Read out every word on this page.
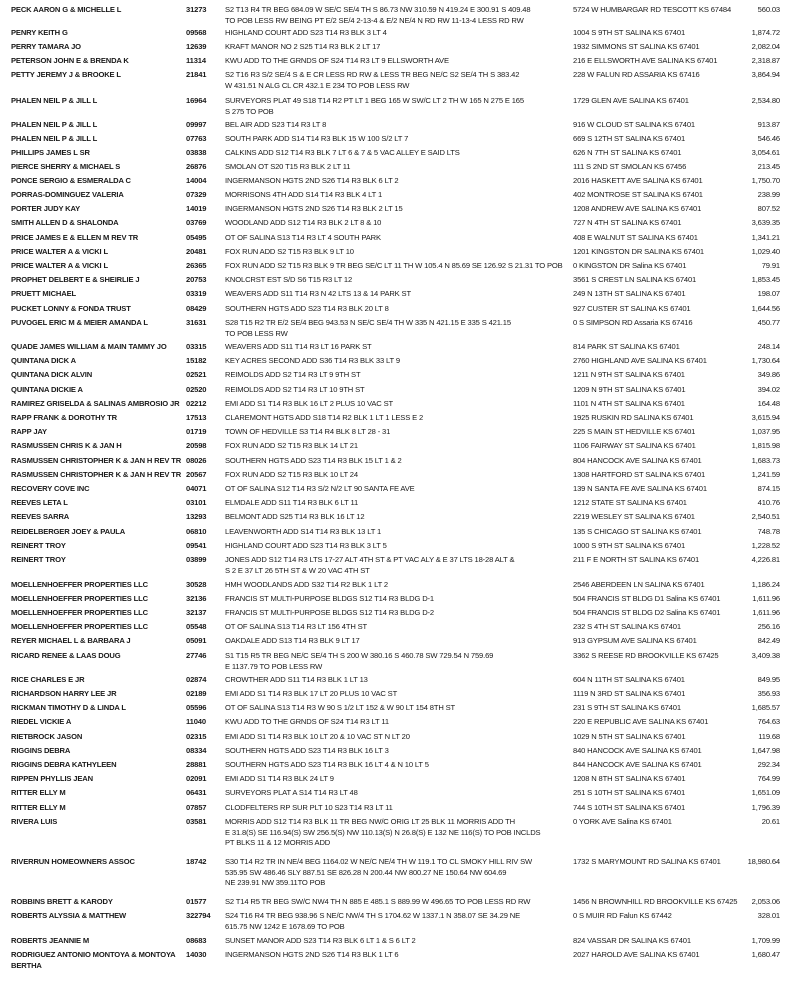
PECK AARON G & MICHELLE L	31273	S2 T13 R4 TR BEG 684.09 W SE/C SE/4 TH S 86.73 NW 310.59 N 419.24 E 300.91 S 409.48
TO POB LESS RW BEING PT E/2 SE/4 2-13-4 & E/2 NE/4 N RD RW 11-13-4 LESS RD RW
5724 W HUMBARGAR RD TESCOTT KS 67484	560.03
PENRY KEITH G	09568	HIGHLAND COURT ADD S23 T14 R3 BLK 3 LT 4	1004 S 9TH ST SALINA KS 67401	1,874.72
PERRY TAMARA JO	12639	KRAFT MANOR NO 2 S25 T14 R3 BLK 2 LT 17	1932 SIMMONS ST SALINA KS 67401	2,082.04
PETERSON JOHN E & BRENDA K	11314	KWU ADD TO THE GRNDS OF S24 T14 R3 LT 9 ELLSWORTH AVE	216 E ELLSWORTH AVE SALINA KS 67401	2,318.87
PETTY JEREMY J & BROOKE L	21841	S2 T16 R3 S/2 SE/4 S & E CR LESS RD RW & LESS TR BEG NE/C S2 SE/4 TH S 383.42
W 431.51 N ALG CL CR 432.1 E 234 TO POB LESS RW
228 W FALUN RD ASSARIA KS 67416	3,864.94
PHALEN NEIL P & JILL L	16964	SURVEYORS PLAT 49 S18 T14 R2 PT LT 1 BEG 165 W SW/C LT 2 TH W 165 N 275 E 165
S 275 TO POB
1729 GLEN AVE SALINA KS 67401	2,534.80
PHALEN NEIL P & JILL L	09997	BEL AIR ADD S23 T14 R3 LT 8	916 W CLOUD ST SALINA KS 67401	913.87
PHALEN NEIL P & JILL L	07763	SOUTH PARK ADD S14 T14 R3 BLK 15 W 100 S/2 LT 7	669 S 12TH ST SALINA KS 67401	546.46
PHILLIPS JAMES L SR	03838	CALKINS ADD S12 T14 R3 BLK 7 LT 6 & 7 & 5 VAC ALLEY E SAID LTS	626 N 7TH ST SALINA KS 67401	3,054.61
PIERCE SHERRY & MICHAEL S	26876	SMOLAN OT S20 T15 R3 BLK 2 LT 11	111 S 2ND ST SMOLAN KS 67456	213.45
PONCE SERGIO & ESMERALDA C	14004	INGERMANSON HGTS 2ND S26 T14 R3 BLK 6 LT 2	2016 HASKETT AVE SALINA KS 67401	1,750.70
PORRAS-DOMINGUEZ VALERIA	07329	MORRISONS 4TH ADD S14 T14 R3 BLK 4 LT 1	402 MONTROSE ST SALINA KS 67401	238.99
PORTER JUDY KAY	14019	INGERMANSON HGTS 2ND S26 T14 R3 BLK 2 LT 15	1208 ANDREW AVE SALINA KS 67401	807.52
SMITH ALLEN D & SHALONDA	03769	WOODLAND ADD S12 T14 R3 BLK 2 LT 8 & 10	727 N 4TH ST SALINA KS 67401	3,639.35
PRICE JAMES E & ELLEN M REV TR	05495	OT OF SALINA S13 T14 R3 LT 4 SOUTH PARK	408 E WALNUT ST SALINA KS 67401	1,341.21
PRICE WALTER A & VICKI L	20481	FOX RUN ADD S2 T15 R3 BLK 9 LT 10	1201 KINGSTON DR SALINA KS 67401	1,029.40
PRICE WALTER A & VICKI L	26365	FOX RUN ADD S2 T15 R3 BLK 9 TR BEG SE/C LT 11 TH W 105.4 N 85.69 SE 126.92 S 21.31 TO POB 0 KINGSTON DR Salina KS 67401	79.91
PROPHET DELBERT E & SHEIRLIE J	20753	KNOLCRST EST S/D S6 T15 R3 LT 12	3561 S CREST LN SALINA KS 67401	1,853.45
PRUETT MICHAEL	03319	WEAVERS ADD S11 T14 R3 N 42 LTS 13 & 14 PARK ST	249 N 13TH ST SALINA KS 67401	198.07
PUCKET LONNY & FONDA TRUST	08429	SOUTHERN HGTS ADD S23 T14 R3 BLK 20 LT 8	927 CUSTER ST SALINA KS 67401	1,644.56
PUVOGEL ERIC M & MEIER AMANDA L	31631	S28 T15 R2 TR E/2 SE/4 BEG 943.53 N SE/C SE/4 TH W 335 N 421.15 E 335 S 421.15
TO POB LESS RW
0 S SIMPSON RD Assaria KS 67416	450.77
QUADE JAMES WILLIAM & MAIN TAMMY JO	03315	WEAVERS ADD S11 T14 R3 LT 16 PARK ST	814 PARK ST SALINA KS 67401	248.14
QUINTANA DICK A	15182	KEY ACRES SECOND ADD S36 T14 R3 BLK 33 LT 9	2760 HIGHLAND AVE SALINA KS 67401	1,730.64
QUINTANA DICK ALVIN	02521	REIMOLDS ADD S2 T14 R3 LT 9 9TH ST	1211 N 9TH ST SALINA KS 67401	349.86
QUINTANA DICKIE A	02520	REIMOLDS ADD S2 T14 R3 LT 10 9TH ST	1209 N 9TH ST SALINA KS 67401	394.02
RAMIREZ GRISELDA & SALINAS AMBROSIO JR 02212	EMI ADD S1 T14 R3 BLK 16 LT 2 PLUS 10 VAC ST	1101 N 4TH ST SALINA KS 67401	164.48
RAPP FRANK & DOROTHY TR	17513	CLAREMONT HGTS ADD S18 T14 R2 BLK 1 LT 1 LESS E 2	1925 RUSKIN RD SALINA KS 67401	3,615.94
RAPP JAY	01719	TOWN OF HEDVILLE S3 T14 R4 BLK 8 LT 28 - 31	225 S MAIN ST HEDVILLE KS 67401	1,037.95
RASMUSSEN CHRIS K & JAN H	20598	FOX RUN ADD S2 T15 R3 BLK 14 LT 21	1106 FAIRWAY ST SALINA KS 67401	1,815.98
RASMUSSEN CHRISTOPHER K & JAN H REV TR 08026	SOUTHERN HGTS ADD S23 T14 R3 BLK 15 LT 1 & 2	804 HANCOCK AVE SALINA KS 67401	1,683.73
RASMUSSEN CHRISTOPHER K & JAN H REV TR 20567	FOX RUN ADD S2 T15 R3 BLK 10 LT 24	1308 HARTFORD ST SALINA KS 67401	1,241.59
RECOVERY COVE INC	04071	OT OF SALINA S12 T14 R3 S/2 N/2 LT 90 SANTA FE AVE	139 N SANTA FE AVE SALINA KS 67401	874.15
REEVES LETA L	03101	ELMDALE ADD S11 T14 R3 BLK 6 LT 11	1212 STATE ST SALINA KS 67401	410.76
REEVES SARRA	13293	BELMONT ADD S25 T14 R3 BLK 16 LT 12	2219 WESLEY ST SALINA KS 67401	2,540.51
REIDELBERGER JOEY & PAULA	06810	LEAVENWORTH ADD S14 T14 R3 BLK 13 LT 1	135 S CHICAGO ST SALINA KS 67401	748.78
REINERT TROY	09541	HIGHLAND COURT ADD S23 T14 R3 BLK 3 LT 5	1000 S 9TH ST SALINA KS 67401	1,228.52
REINERT TROY	03899	JONES ADD S12 T14 R3 LTS 17-27 ALT 4TH ST & PT VAC ALY & E 37 LTS 18-28 ALT &
S 2 E 37 LT 26 5TH ST & W 20 VAC 4TH ST
211 F E NORTH ST SALINA KS 67401	4,226.81
MOELLENHOEFFER PROPERTIES LLC	30528	HMH WOODLANDS ADD S32 T14 R2 BLK 1 LT 2	2546 ABERDEEN LN SALINA KS 67401	1,186.24
MOELLENHOEFFER PROPERTIES LLC	32136	FRANCIS ST MULTI-PURPOSE BLDGS S12 T14 R3 BLDG D-1	504 FRANCIS ST BLDG D1 Salina KS 67401	1,611.96
MOELLENHOEFFER PROPERTIES LLC	32137	FRANCIS ST MULTI-PURPOSE BLDGS S12 T14 R3 BLDG D-2	504 FRANCIS ST BLDG D2 Salina KS 67401	1,611.96
MOELLENHOEFFER PROPERTIES LLC	05548	OT OF SALINA S13 T14 R3 LT 156 4TH ST	232 S 4TH ST SALINA KS 67401	256.16
REYER MICHAEL L & BARBARA J	05091	OAKDALE ADD S13 T14 R3 BLK 9 LT 17	913 GYPSUM AVE SALINA KS 67401	842.49
RICARD RENEE & LAAS DOUG	27746	S1 T15 R5 TR BEG NE/C SE/4 TH S 200 W 380.16 S 460.78 SW 729.54 N 759.69
E 1137.79 TO POB LESS RW
3362 S REESE RD BROOKVILLE KS 67425	3,409.38
RICE CHARLES E JR	02874	CROWTHER ADD S11 T14 R3 BLK 1 LT 13	604 N 11TH ST SALINA KS 67401	849.95
RICHARDSON HARRY LEE JR	02189	EMI ADD S1 T14 R3 BLK 17 LT 20 PLUS 10 VAC ST	1119 N 3RD ST SALINA KS 67401	356.93
RICKMAN TIMOTHY D & LINDA L	05596	OT OF SALINA S13 T14 R3 W 90 S 1/2 LT 152 & W 90 LT 154 8TH ST	231 S 9TH ST SALINA KS 67401	1,685.57
RIEDEL VICKIE A	11040	KWU ADD TO THE GRNDS OF S24 T14 R3 LT 11	220 E REPUBLIC AVE SALINA KS 67401	764.63
RIETBROCK JASON	02315	EMI ADD S1 T14 R3 BLK 10 LT 20 & 10 VAC ST N LT 20	1029 N 5TH ST SALINA KS 67401	119.68
RIGGINS DEBRA	08334	SOUTHERN HGTS ADD S23 T14 R3 BLK 16 LT 3	840 HANCOCK AVE SALINA KS 67401	1,647.98
RIGGINS DEBRA KATHYLEEN	28881	SOUTHERN HGTS ADD S23 T14 R3 BLK 16 LT 4 & N 10 LT 5	844 HANCOCK AVE SALINA KS 67401	292.34
RIPPEN PHYLLIS JEAN	02091	EMI ADD S1 T14 R3 BLK 24 LT 9	1208 N 8TH ST SALINA KS 67401	764.99
RITTER ELLY M	06431	SURVEYORS PLAT A S14 T14 R3 LT 48	251 S 10TH ST SALINA KS 67401	1,651.09
RITTER ELLY M	07857	CLODFELTERS RP SUR PLT 10 S23 T14 R3 LT 11	744 S 10TH ST SALINA KS 67401	1,796.39
RIVERA LUIS	03581	MORRIS ADD S12 T14 R3 BLK 11 TR BEG NW/C ORIG LT 25 BLK 11 MORRIS ADD TH
E 31.8(S) SE 116.94(S) SW 256.5(S) NW 110.13(S) N 26.8(S) E 132 NE 116(S) TO POB INCLDS
PT BLKS 11 & 12 MORRIS ADD
0 YORK AVE Salina KS 67401	20.61
RIVERRUN HOMEOWNERS ASSOC	18742	S30 T14 R2 TR IN NE/4 BEG 1164.02 W NE/C NE/4 TH W 119.1 TO CL SMOKY HILL RIV SW
535.95 SW 486.46 SLY 887.51 SE 826.28 N 200.44 NW 800.27 NE 150.64 NW 604.69
NE 239.91 NW 359.11TO POB
1732 S MARYMOUNT RD SALINA KS 67401	18,980.64
ROBBINS BRETT & KARODY	01577	S2 T14 R5 TR BEG SW/C NW4 TH N 885 E 485.1 S 889.99 W 496.65 TO POB LESS RD RW	1456 N BROWNHILL RD BROOKVILLE KS 67425	2,053.06
ROBERTS ALYSSIA & MATTHEW	322794	S24 T16 R4 TR BEG 938.96 S NE/C NW/4 TH S 1704.62 W 1337.1 N 358.07 SE 34.29 NE
615.75 NW 1242 E 1678.69 TO POB
0 S MUIR RD Falun KS 67442	328.01
ROBERTS JEANNIE M	08683	SUNSET MANOR ADD S23 T14 R3 BLK 6 LT 1 & S 6 LT 2	824 VASSAR DR SALINA KS 67401	1,709.99
RODRIGUEZ ANTONIO MONTOYA & MONTOYA BERTHA
14030	INGERMANSON HGTS 2ND S26 T14 R3 BLK 1 LT 6	2027 HAROLD AVE SALINA KS 67401	1,680.47
